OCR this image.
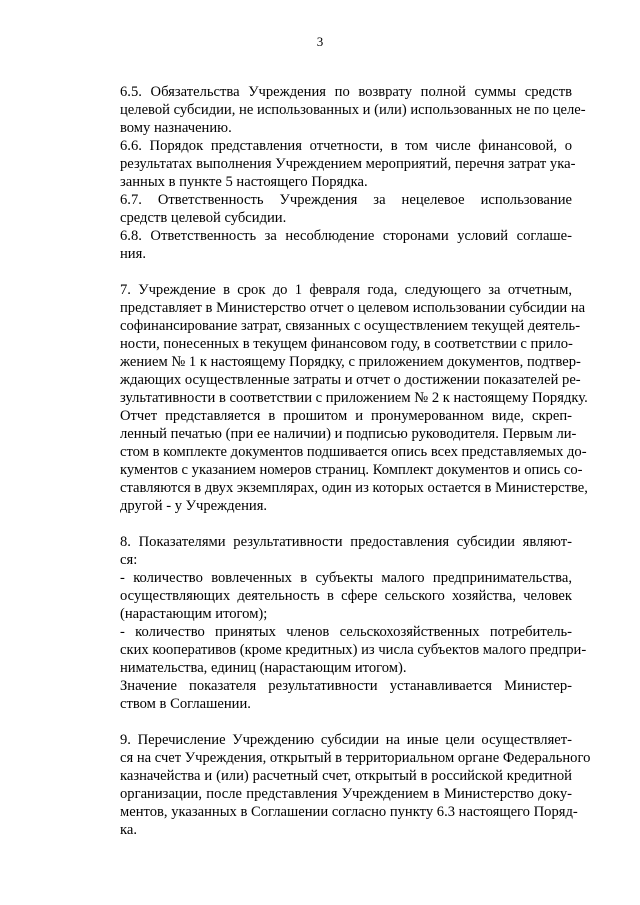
3

6.5. Обязательства Учреждения по возврату полной суммы средств
целевой субсидии, не использованных и (или) использованных не по целе-
вому назначению.

6.6. Порядок представления отчетности, в том числе финансовой, о
результатах выполнения Учреждением мероприятий, перечня затрат ука-
занных в пункте 5 настоящего Порядка.

6.7. Ответственность Учреждения за нецелевое использование
средств целевой субсидии.

6.8. Ответственность за несоблюдение сторонами условий соглаше-
ния.

7. Учреждение в срок до 1 февраля года, следующего за отчетным,
представляет в Министерство отчет о целевом использовании субсидии на
софинансирование затрат, связанных с осуществлением текущей деятель-
ности, понесенных в текущем финансовом году, в соответствии с прило-
жением № 1 к настоящему Порядку, с приложением документов, подтвер-
ждающих осуществленные затраты и отчет о достижении показателей ре-
зультативности в соответствии с приложением № 2 к настоящему Порядку.

Отчет представляется в прошитом и пронумерованном виде, скреп-
ленный печатью (при ее наличии) и подписью руководителя. Первым ли-
стом в комплекте документов подшивается опись всех представляемых до-
кументов с указанием номеров страниц. Комплект документов и опись со-
ставляются в двух экземплярах, один из которых остается в Министерстве,
другой - у Учреждения.

8. Показателями результативности предоставления субсидии являют-
ся:

- количество вовлеченных в субъекты малого предпринимательства,
осуществляющих деятельность в сфере сельского хозяйства, человек
(нарастающим итогом);

- количество принятых членов сельскохозяйственных потребитель-
ских кооперативов (кроме кредитных) из числа субъектов малого предпри-
нимательства, единиц (нарастающим итогом).

Значение показателя результативности устанавливается Министер-
ством в Соглашении.

9. Перечисление Учреждению субсидии на иные цели осуществляет-
ся на счет Учреждения, открытый в территориальном органе Федерального
казначейства и (или) расчетный счет, открытый в российской кредитной
организации, после представления Учреждением в Министерство доку-
ментов, указанных в Соглашении согласно пункту 6.3 настоящего Поряд-
ка.
